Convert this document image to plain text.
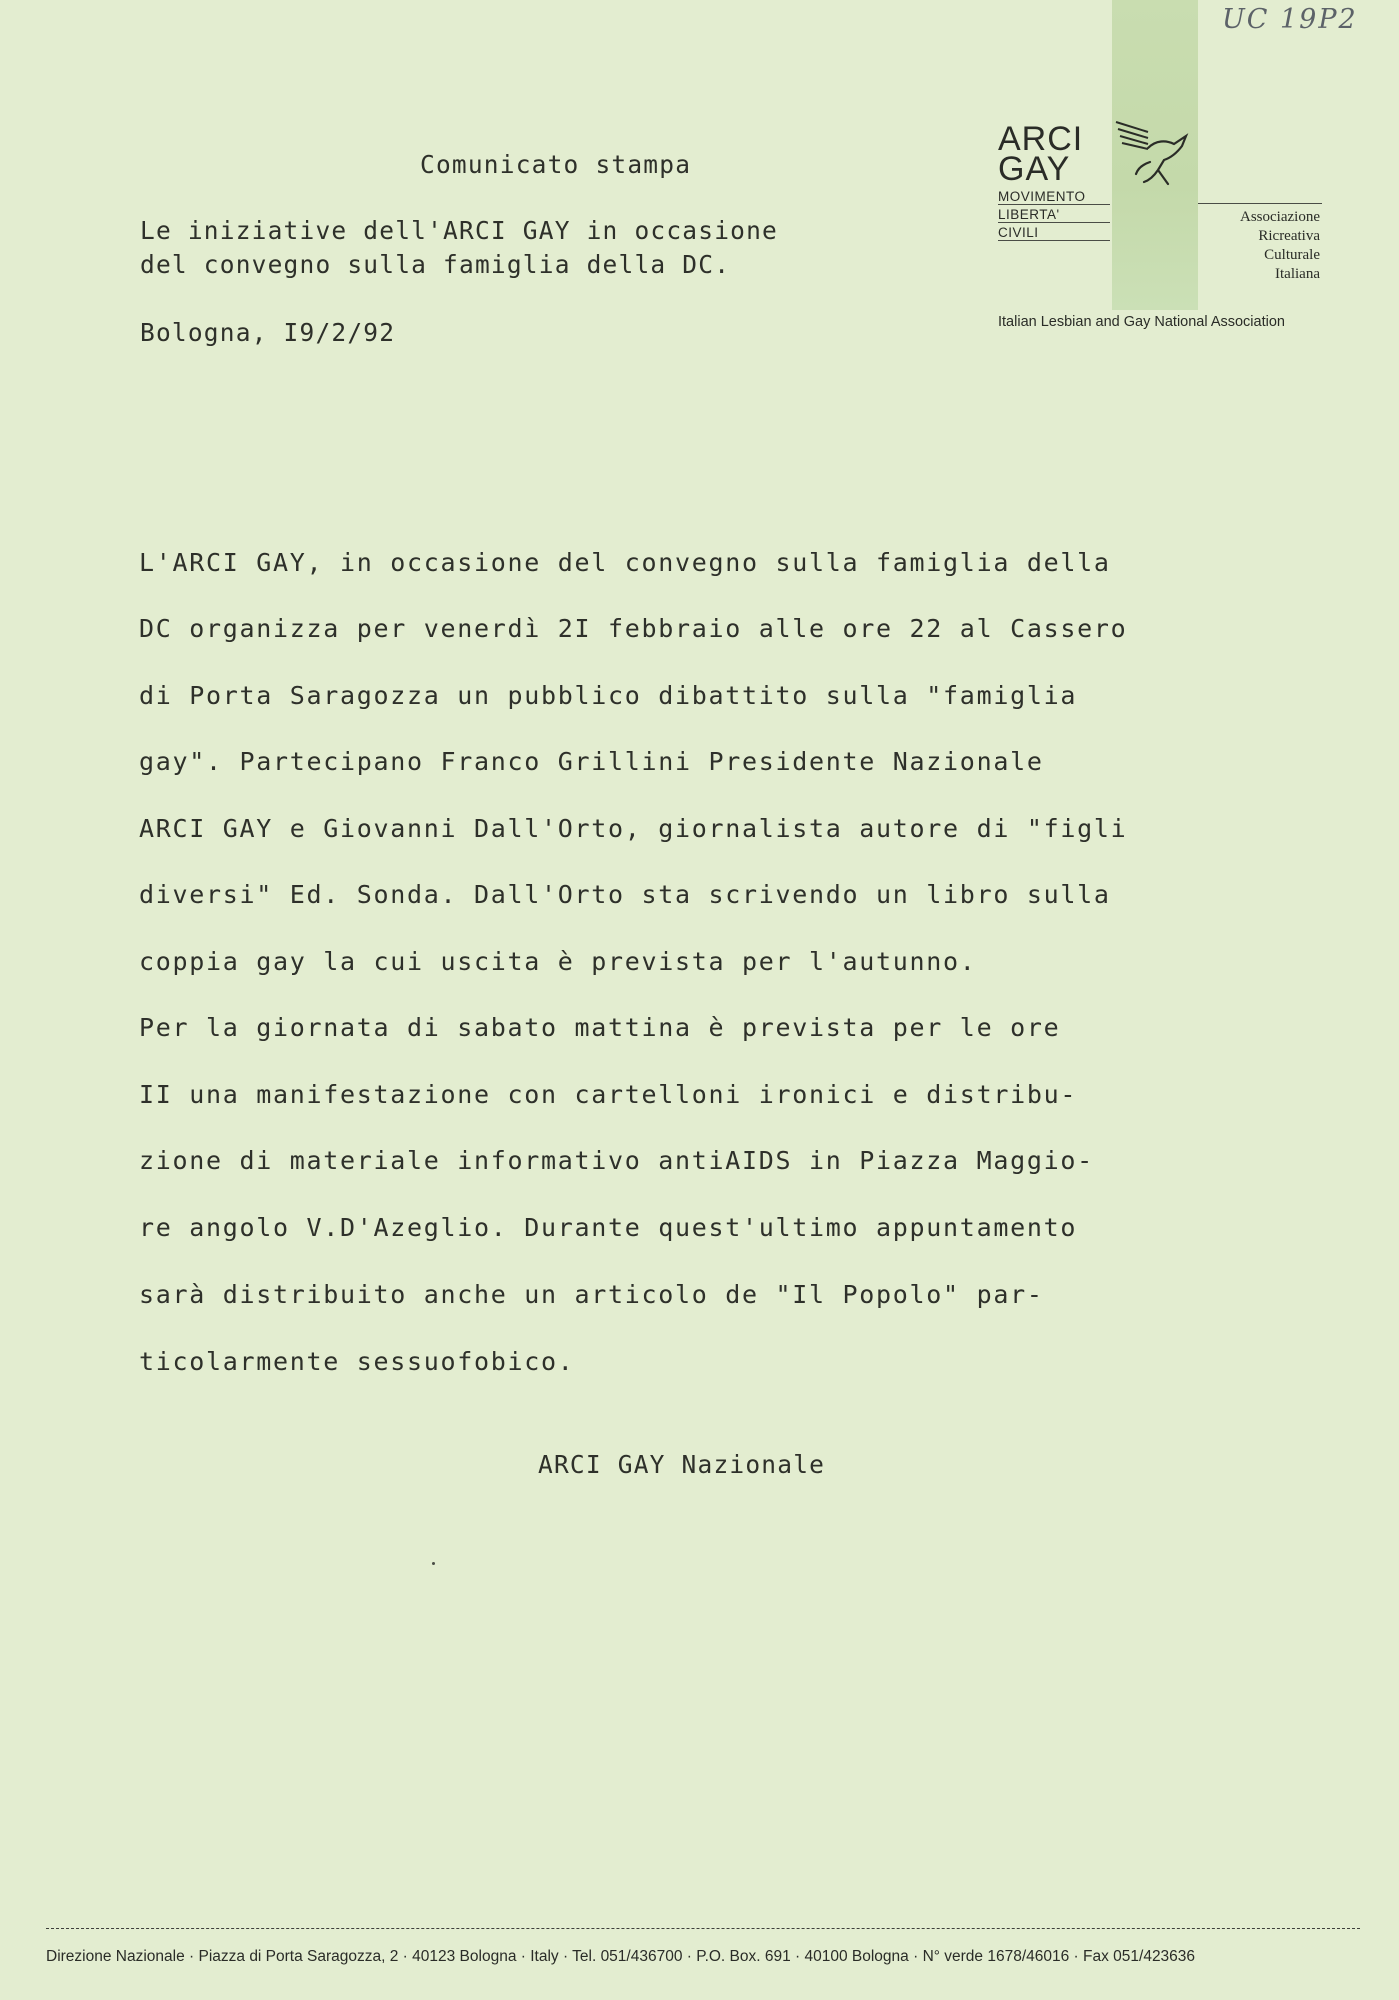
UC 19P2
ARCI
GAY
MOVIMENTO
LIBERTA'
CIVILI
Associazione
Ricreativa
Culturale
Italiana
Italian Lesbian and Gay National Association
Comunicato stampa
Le iniziative dell'ARCI GAY in occasione
del convegno sulla famiglia della DC.
Bologna, I9/2/92
L'ARCI GAY, in occasione del convegno sulla famiglia della
DC organizza per venerdì 2I febbraio alle ore 22 al Cassero
di Porta Saragozza un pubblico dibattito sulla "famiglia
gay". Partecipano Franco Grillini Presidente Nazionale
ARCI GAY e Giovanni Dall'Orto, giornalista autore di "figli
diversi" Ed. Sonda. Dall'Orto sta scrivendo un libro sulla
coppia gay la cui uscita è prevista per l'autunno.
Per la giornata di sabato mattina è prevista per le ore
II una manifestazione con cartelloni ironici e distribu-
zione di materiale informativo antiAIDS in Piazza Maggio-
re angolo V.D'Azeglio. Durante quest'ultimo appuntamento
sarà distribuito anche un articolo de "Il Popolo" par-
ticolarmente sessuofobico.
ARCI GAY Nazionale
Direzione Nazionale · Piazza di Porta Saragozza, 2 · 40123 Bologna · Italy · Tel. 051/436700 · P.O. Box. 691 · 40100 Bologna · N° verde 1678/46016 · Fax 051/423636
